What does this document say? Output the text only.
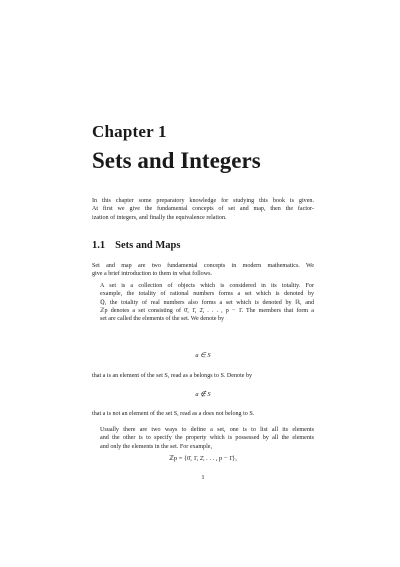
Chapter 1
Sets and Integers
In this chapter some preparatory knowledge for studying this book is given.
At first we give the fundamental concepts of set and map, then the factor-
ization of integers, and finally the equivalence relation.
1.1 Sets and Maps
Set and map are two fundamental concepts in modern mathematics. We
give a brief introduction to them in what follows.
A set is a collection of objects which is considered in its totality. For
example, the totality of rational numbers forms a set which is denoted by
ℚ, the totality of real numbers also forms a set which is denoted by ℝ, and
ℤp denotes a set consisting of 0̄, 1̄, 2̄, . . . , p − 1̄. The members that form a
set are called the elements of the set. We denote by
a ∈ S
that a is an element of the set S, read as a belongs to S. Denote by
a ∉ S
that a is not an element of the set S, read as a does not belong to S.
Usually there are two ways to define a set, one is to list all its elements
and the other is to specify the property which is possessed by all the elements
and only the elements in the set. For example,
ℤp = {0̄, 1̄, 2̄, . . . , p − 1̄},
1
